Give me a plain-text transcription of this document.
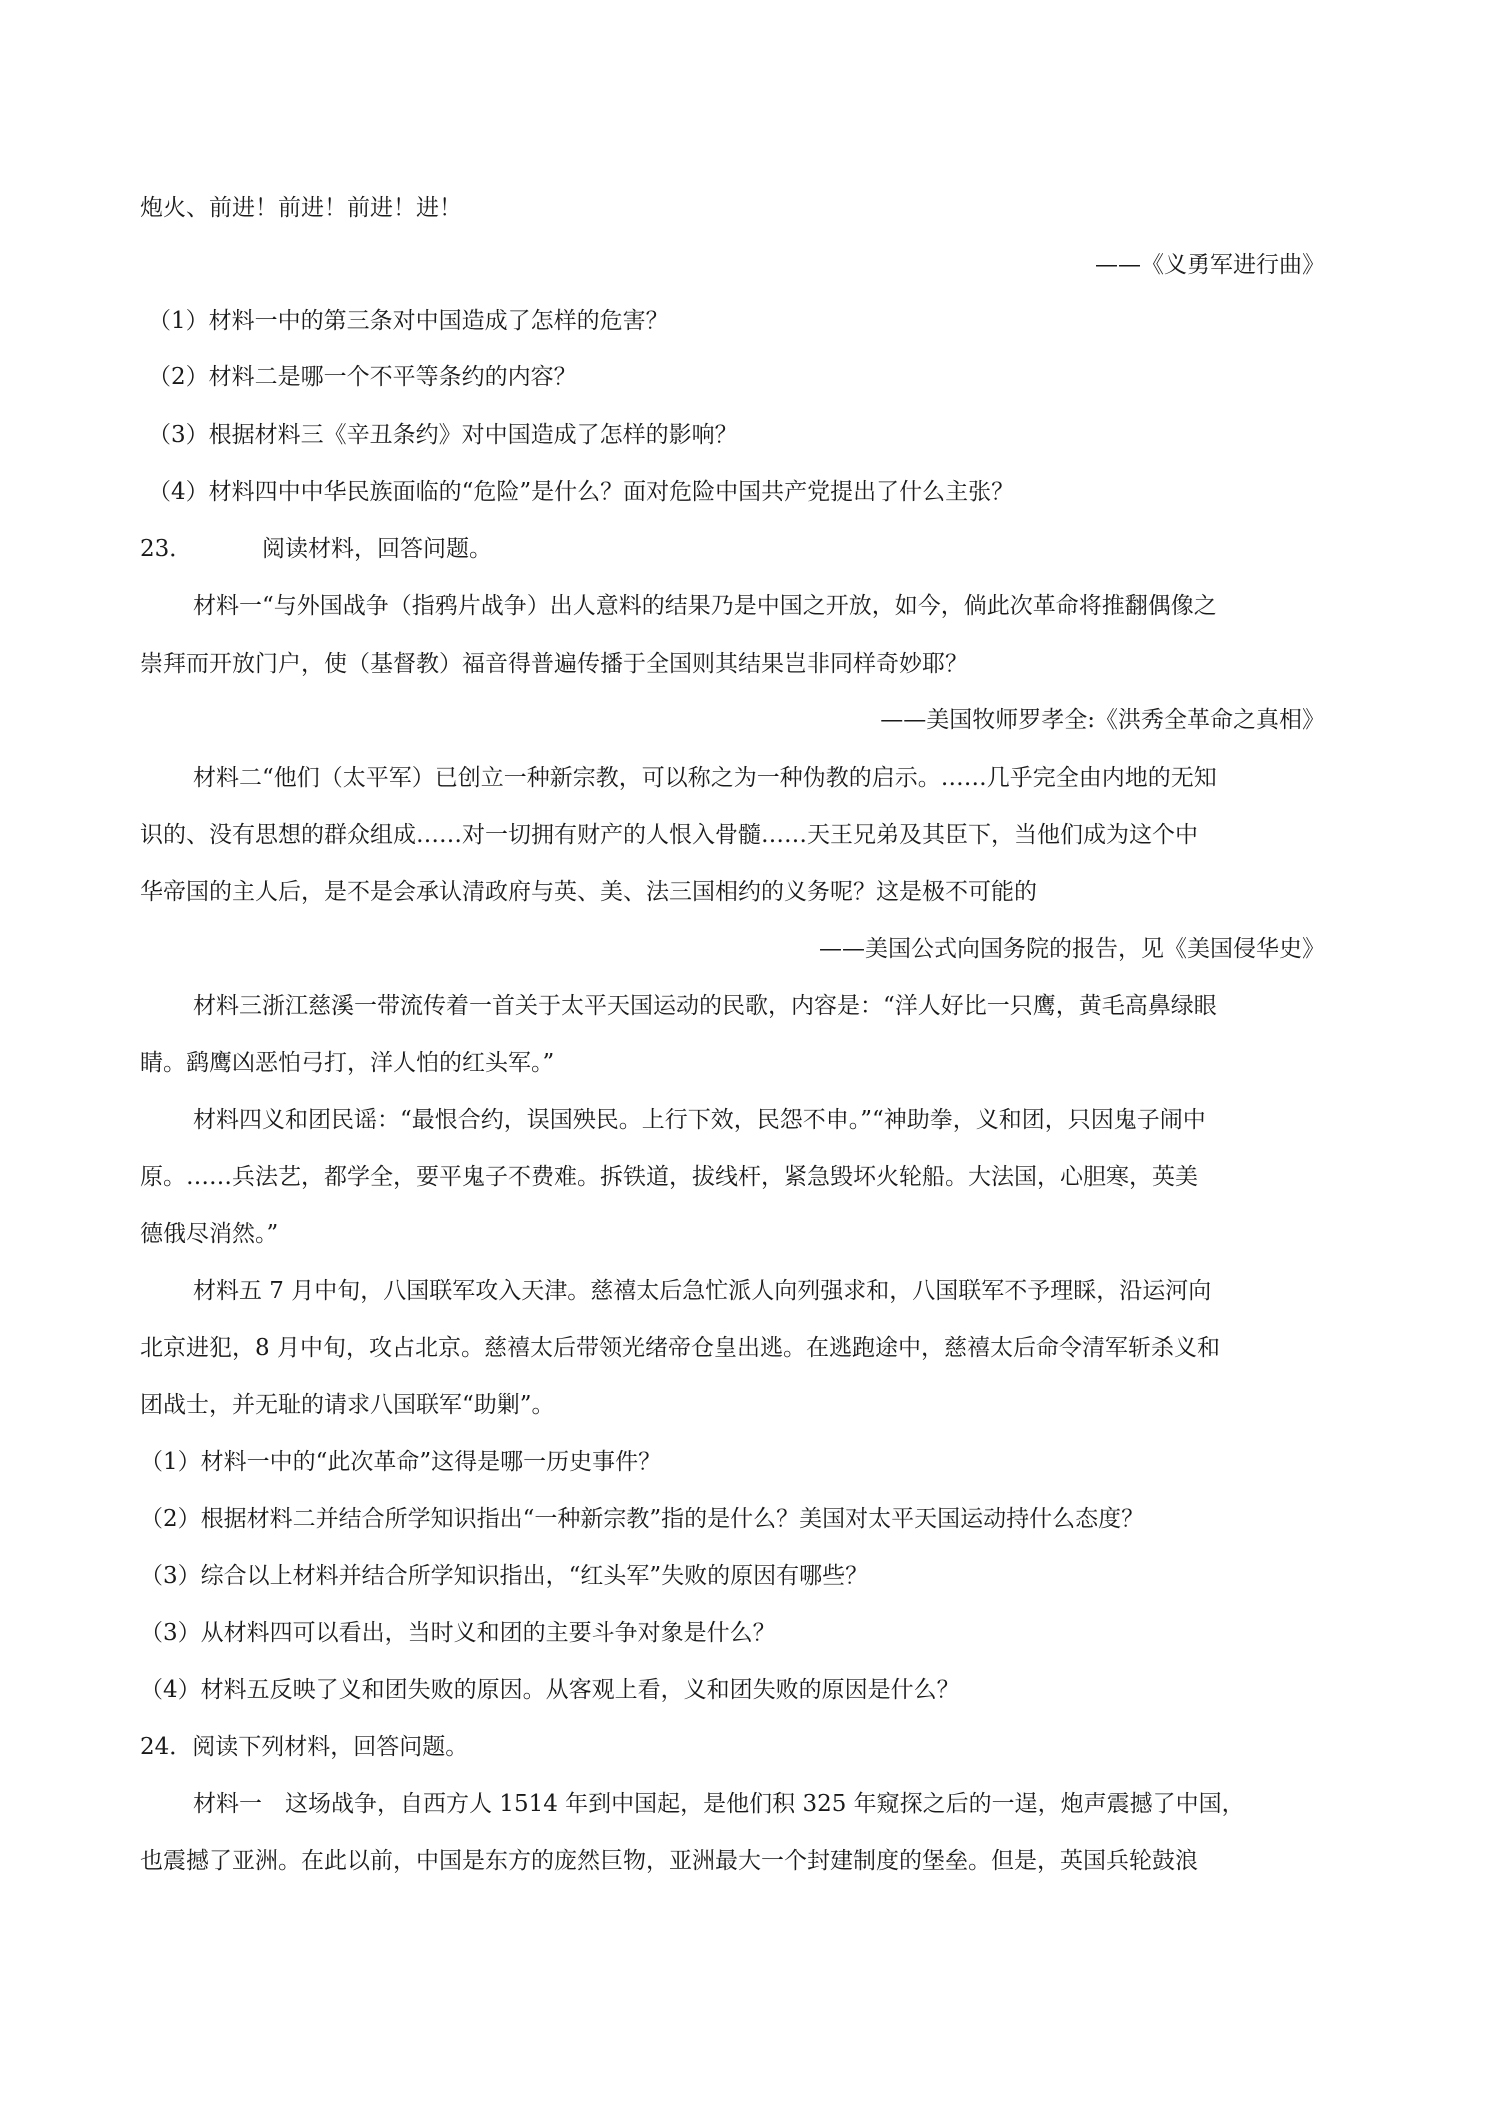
炮火、前进！前进！前进！进！

——《义勇军进行曲》

（1）材料一中的第三条对中国造成了怎样的危害？

（2）材料二是哪一个不平等条约的内容？

（3）根据材料三《辛丑条约》对中国造成了怎样的影响？

（4）材料四中中华民族面临的“危险”是什么？面对危险中国共产党提出了什么主张？

23．	阅读材料，回答问题。

材料一“与外国战争（指鸦片战争）出人意料的结果乃是中国之开放，如今，倘此次革命将推翻偶像之

崇拜而开放门户，使（基督教）福音得普遍传播于全国则其结果岂非同样奇妙耶？

——美国牧师罗孝全:《洪秀全革命之真相》

材料二“他们（太平军）已创立一种新宗教，可以称之为一种伪教的启示。……几乎完全由内地的无知

识的、没有思想的群众组成……对一切拥有财产的人恨入骨髓……天王兄弟及其臣下，当他们成为这个中

华帝国的主人后，是不是会承认清政府与英、美、法三国相约的义务呢？这是极不可能的

——美国公式向国务院的报告，见《美国侵华史》

材料三浙江慈溪一带流传着一首关于太平天国运动的民歌，内容是：“洋人好比一只鹰，黄毛高鼻绿眼

睛。鹞鹰凶恶怕弓打，洋人怕的红头军。”

材料四义和团民谣：“最恨合约，误国殃民。上行下效，民怨不申。”“神助拳，义和团，只因鬼子闹中

原。……兵法艺，都学全，要平鬼子不费难。拆铁道，拔线杆，紧急毁坏火轮船。大法国，心胆寒，英美

德俄尽消然。”

材料五 7 月中旬，八国联军攻入天津。慈禧太后急忙派人向列强求和，八国联军不予理睬，沿运河向

北京进犯，8 月中旬，攻占北京。慈禧太后带领光绪帝仓皇出逃。在逃跑途中，慈禧太后命令清军斩杀义和

团战士，并无耻的请求八国联军“助剿”。

（1）材料一中的“此次革命”这得是哪一历史事件？

（2）根据材料二并结合所学知识指出“一种新宗教”指的是什么？美国对太平天国运动持什么态度？

（3）综合以上材料并结合所学知识指出，“红头军”失败的原因有哪些？

（3）从材料四可以看出，当时义和团的主要斗争对象是什么？

（4）材料五反映了义和团失败的原因。从客观上看，义和团失败的原因是什么？

24．阅读下列材料，回答问题。

材料一　这场战争，自西方人 1514 年到中国起，是他们积 325 年窥探之后的一逞，炮声震撼了中国，

也震撼了亚洲。在此以前，中国是东方的庞然巨物，亚洲最大一个封建制度的堡垒。但是，英国兵轮鼓浪
